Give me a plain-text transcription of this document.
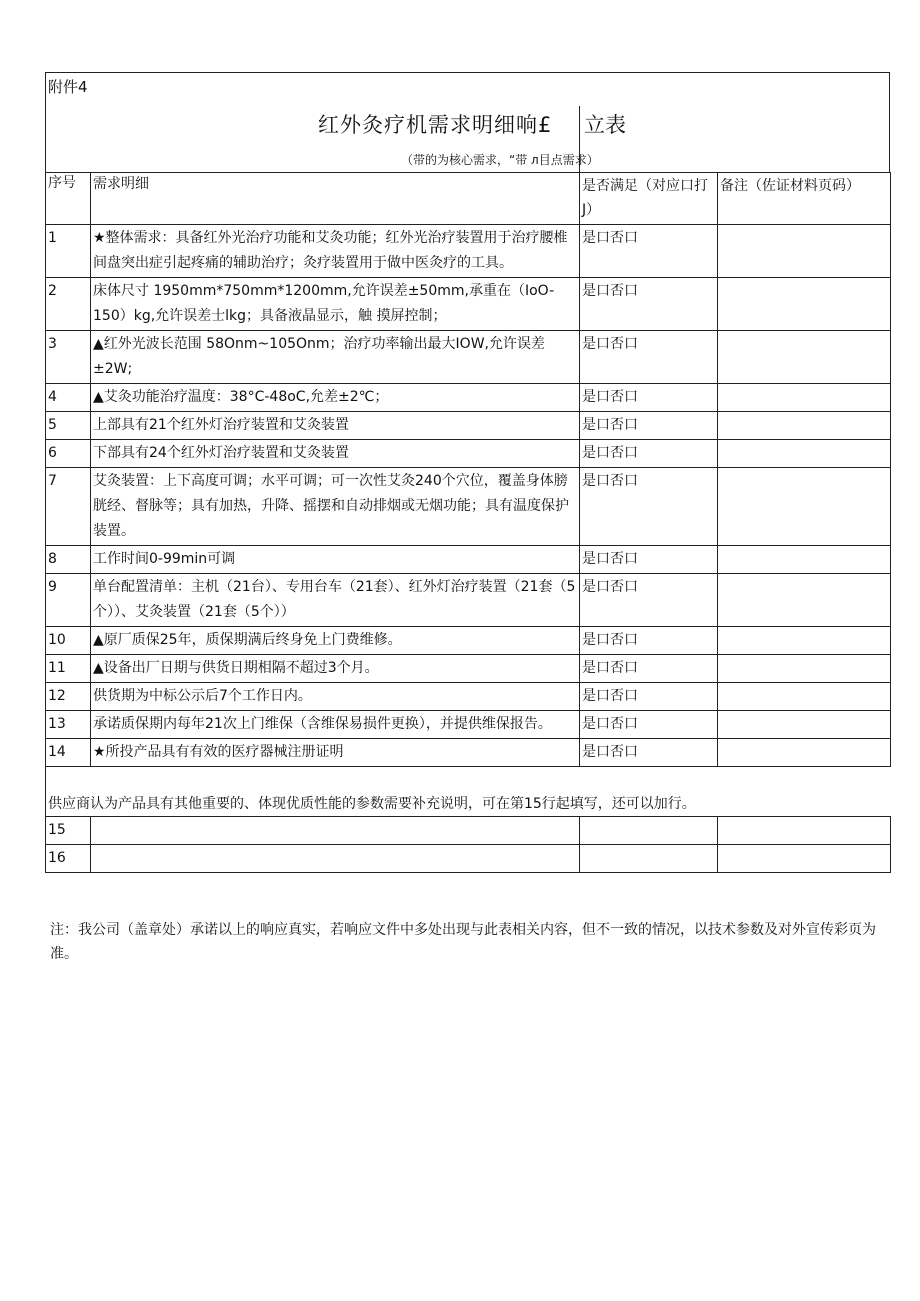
附件4
红外灸疗机需求明细响£ 立表
（带的为核心需求，“带 л目点需求）
序号	需求明细	是否满足（对应口打J）	备注（佐证材料页码）
1	★整体需求：具备红外光治疗功能和艾灸功能；红外光治疗装置用于治疗腰椎间盘突出症引起疼痛的辅助治疗；灸疗装置用于做中医灸疗的工具。	是口否口	
2	床体尺寸 1950mm*750mm*1200mm,允许误差±50mm,承重在（IoO-150）kg,允许误差士lkg；具备液晶显示，触 摸屏控制；	是口否口	
3	▲红外光波长范围 58Onm~105Onm；治疗功率输出最大IOW,允许误差±2W;	是口否口	
4	▲艾灸功能治疗温度：38°C-48oC,允差±2℃；	是口否口	
5	上部具有21个红外灯治疗装置和艾灸装置	是口否口	
6	下部具有24个红外灯治疗装置和艾灸装置	是口否口	
7	艾灸装置：上下高度可调；水平可调；可一次性艾灸240个穴位，覆盖身体膀胱经、督脉等；具有加热，升降、摇摆和自动排烟或无烟功能；具有温度保护装置。	是口否口	
8	工作时间0-99min可调	是口否口	
9	单台配置清单：主机（21台）、专用台车（21套）、红外灯治疗装置（21套（5个））、艾灸装置（21套（5个））	是口否口	
10	▲原厂质保25年，质保期满后终身免上门费维修。	是口否口	
11	▲设备出厂日期与供货日期相隔不超过3个月。	是口否口	
12	供货期为中标公示后7个工作日内。	是口否口	
13	承诺质保期内每年21次上门维保（含维保易损件更换），并提供维保报告。	是口否口	
14	★所投产品具有有效的医疗器械注册证明	是口否口	
供应商认为产品具有其他重要的、体现优质性能的参数需要补充说明，可在第15行起填写，还可以加行。			
15			
16			
注：我公司（盖章处）承诺以上的响应真实，若响应文件中多处出现与此表相关内容，但不一致的情况，以技术参数及对外宣传彩页为准。
